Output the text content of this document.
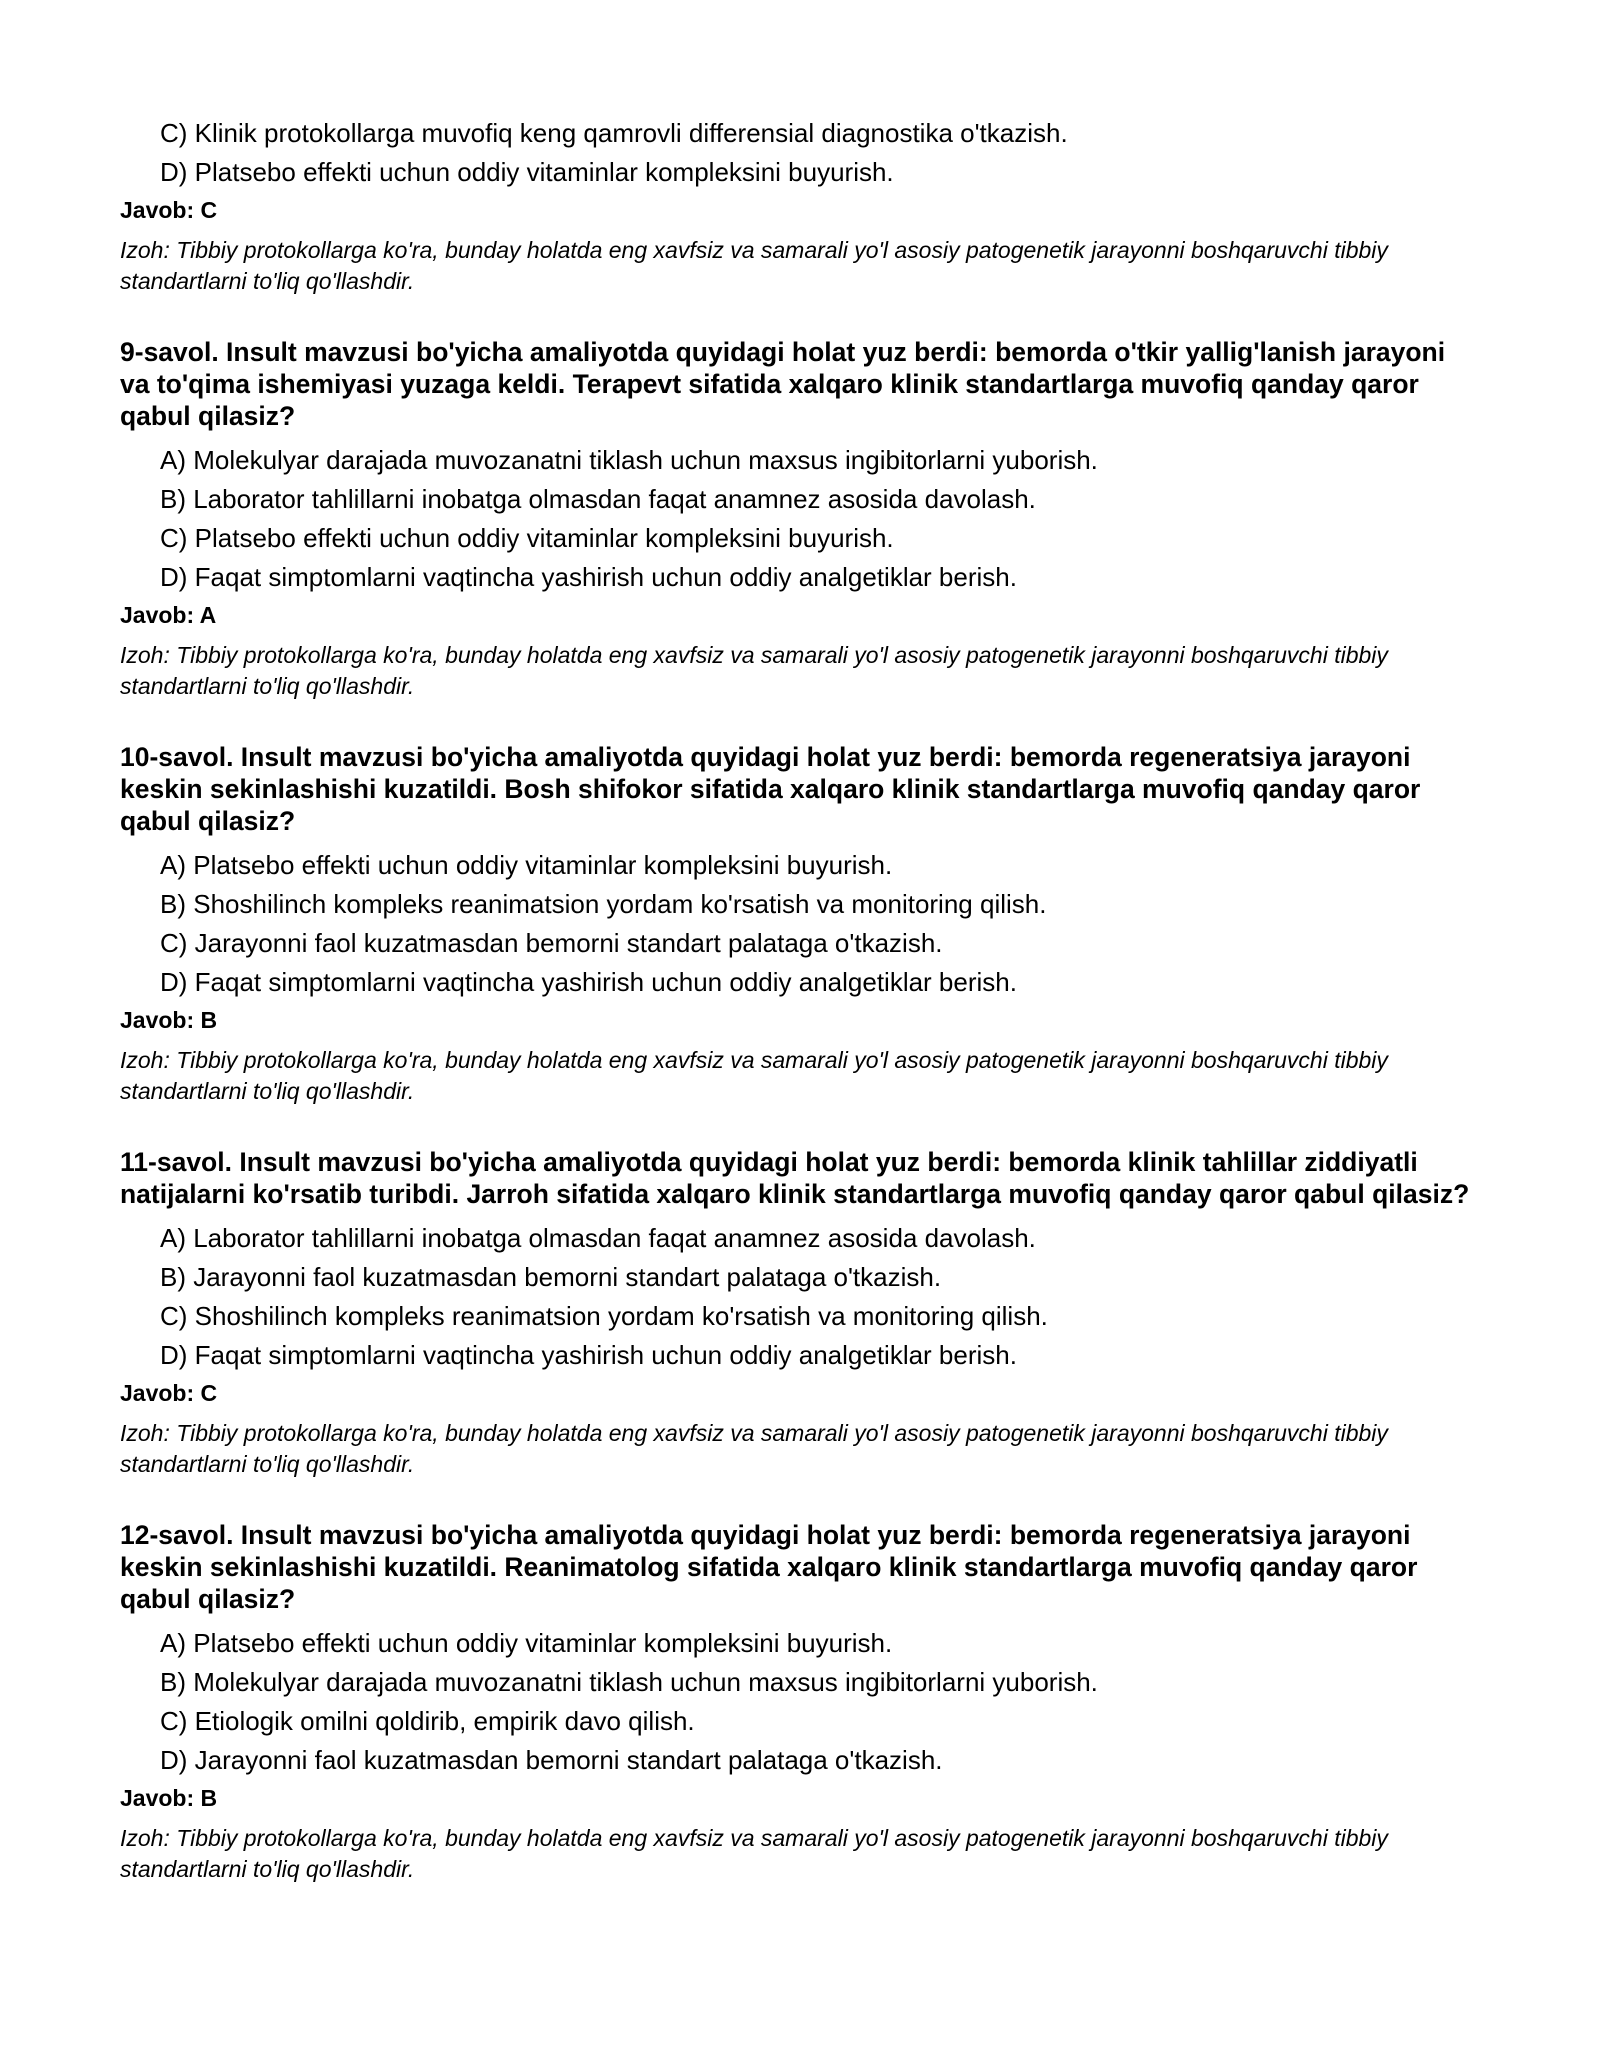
C) Klinik protokollarga muvofiq keng qamrovli differensial diagnostika o'tkazish.
D) Platsebo effekti uchun oddiy vitaminlar kompleksini buyurish.
Javob: C

Izoh: Tibbiy protokollarga ko'ra, bunday holatda eng xavfsiz va samarali yo'l asosiy patogenetik jarayonni boshqaruvchi tibbiy standartlarni to'liq qo'llashdir.

9-savol. Insult mavzusi bo'yicha amaliyotda quyidagi holat yuz berdi: bemorda o'tkir yallig'lanish jarayoni va to'qima ishemiyasi yuzaga keldi. Terapevt sifatida xalqaro klinik standartlarga muvofiq qanday qaror qabul qilasiz?
A) Molekulyar darajada muvozanatni tiklash uchun maxsus ingibitorlarni yuborish.
B) Laborator tahlillarni inobatga olmasdan faqat anamnez asosida davolash.
C) Platsebo effekti uchun oddiy vitaminlar kompleksini buyurish.
D) Faqat simptomlarni vaqtincha yashirish uchun oddiy analgetiklar berish.
Javob: A

Izoh: Tibbiy protokollarga ko'ra, bunday holatda eng xavfsiz va samarali yo'l asosiy patogenetik jarayonni boshqaruvchi tibbiy standartlarni to'liq qo'llashdir.

10-savol. Insult mavzusi bo'yicha amaliyotda quyidagi holat yuz berdi: bemorda regeneratsiya jarayoni keskin sekinlashishi kuzatildi. Bosh shifokor sifatida xalqaro klinik standartlarga muvofiq qanday qaror qabul qilasiz?
A) Platsebo effekti uchun oddiy vitaminlar kompleksini buyurish.
B) Shoshilinch kompleks reanimatsion yordam ko'rsatish va monitoring qilish.
C) Jarayonni faol kuzatmasdan bemorni standart palataga o'tkazish.
D) Faqat simptomlarni vaqtincha yashirish uchun oddiy analgetiklar berish.
Javob: B

Izoh: Tibbiy protokollarga ko'ra, bunday holatda eng xavfsiz va samarali yo'l asosiy patogenetik jarayonni boshqaruvchi tibbiy standartlarni to'liq qo'llashdir.

11-savol. Insult mavzusi bo'yicha amaliyotda quyidagi holat yuz berdi: bemorda klinik tahlillar ziddiyatli natijalarni ko'rsatib turibdi. Jarroh sifatida xalqaro klinik standartlarga muvofiq qanday qaror qabul qilasiz?
A) Laborator tahlillarni inobatga olmasdan faqat anamnez asosida davolash.
B) Jarayonni faol kuzatmasdan bemorni standart palataga o'tkazish.
C) Shoshilinch kompleks reanimatsion yordam ko'rsatish va monitoring qilish.
D) Faqat simptomlarni vaqtincha yashirish uchun oddiy analgetiklar berish.
Javob: C

Izoh: Tibbiy protokollarga ko'ra, bunday holatda eng xavfsiz va samarali yo'l asosiy patogenetik jarayonni boshqaruvchi tibbiy standartlarni to'liq qo'llashdir.

12-savol. Insult mavzusi bo'yicha amaliyotda quyidagi holat yuz berdi: bemorda regeneratsiya jarayoni keskin sekinlashishi kuzatildi. Reanimatolog sifatida xalqaro klinik standartlarga muvofiq qanday qaror qabul qilasiz?
A) Platsebo effekti uchun oddiy vitaminlar kompleksini buyurish.
B) Molekulyar darajada muvozanatni tiklash uchun maxsus ingibitorlarni yuborish.
C) Etiologik omilni qoldirib, empirik davo qilish.
D) Jarayonni faol kuzatmasdan bemorni standart palataga o'tkazish.
Javob: B

Izoh: Tibbiy protokollarga ko'ra, bunday holatda eng xavfsiz va samarali yo'l asosiy patogenetik jarayonni boshqaruvchi tibbiy standartlarni to'liq qo'llashdir.
